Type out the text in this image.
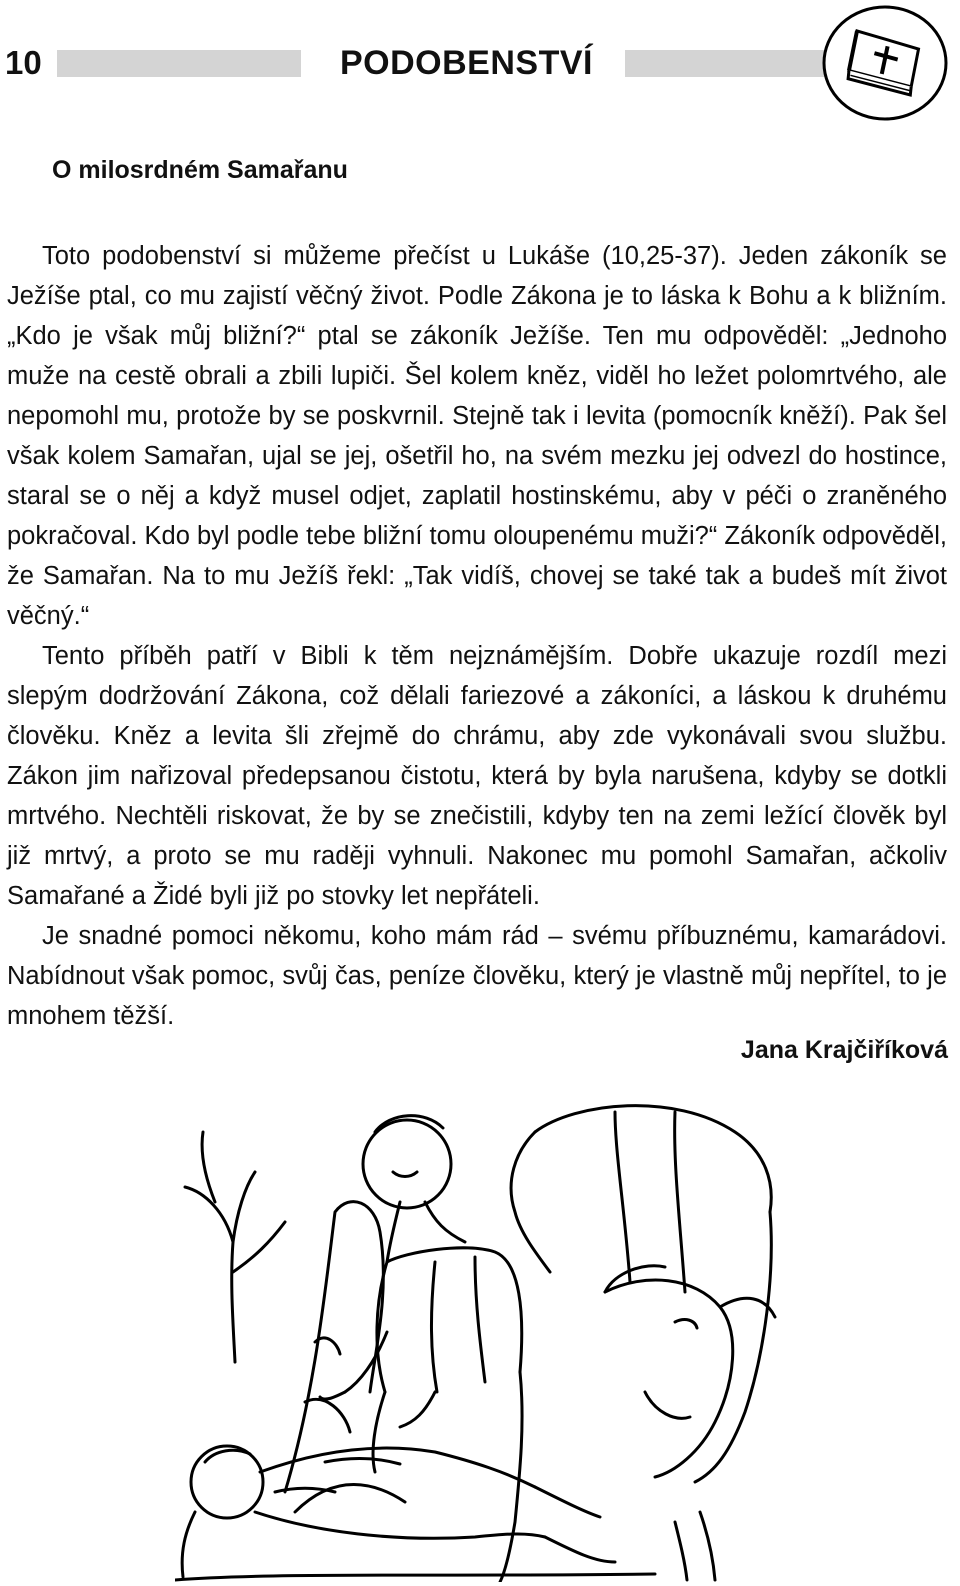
10	PODOBENSTVÍ
O milosrdném Samařanu

Toto podobenství si můžeme přečíst u Lukáše (10,25-37). Jeden zákoník se Ježíše ptal, co mu zajistí věčný život. Podle Zákona je to láska k Bohu a k bližním. „Kdo je však můj bližní?“ ptal se zákoník Ježíše. Ten mu odpověděl: „Jednoho muže na cestě obrali a zbili lupiči. Šel kolem kněz, viděl ho ležet polomrtvého, ale nepomohl mu, protože by se poskvrnil. Stejně tak i levita (pomocník kněží). Pak šel však kolem Samařan, ujal se jej, ošetřil ho, na svém mezku jej odvezl do hostince, staral se o něj a když musel odjet, zaplatil hostinskému, aby v péči o zraněného pokračoval. Kdo byl podle tebe bližní tomu oloupenému muži?“ Zákoník odpověděl, že Samařan. Na to mu Ježíš řekl: „Tak vidíš, chovej se také tak a budeš mít život věčný.“

Tento příběh patří v Bibli k těm nejznámějším. Dobře ukazuje rozdíl mezi slepým dodržování Zákona, což dělali fariezové a zákoníci, a láskou k druhému člověku. Kněz a levita šli zřejmě do chrámu, aby zde vykonávali svou službu. Zákon jim nařizoval předepsanou čistotu, která by byla narušena, kdyby se dotkli mrtvého. Nechtěli riskovat, že by se znečistili, kdyby ten na zemi ležící člověk byl již mrtvý, a proto se mu raději vyhnuli. Nakonec mu pomohl Samařan, ačkoliv Samařané a Židé byli již po stovky let nepřáteli.

Je snadné pomoci někomu, koho mám rád – svému příbuznému, kamarádovi. Nabídnout však pomoc, svůj čas, peníze člověku, který je vlastně můj nepřítel, to je mnohem těžší.

Jana Krajčiříková
